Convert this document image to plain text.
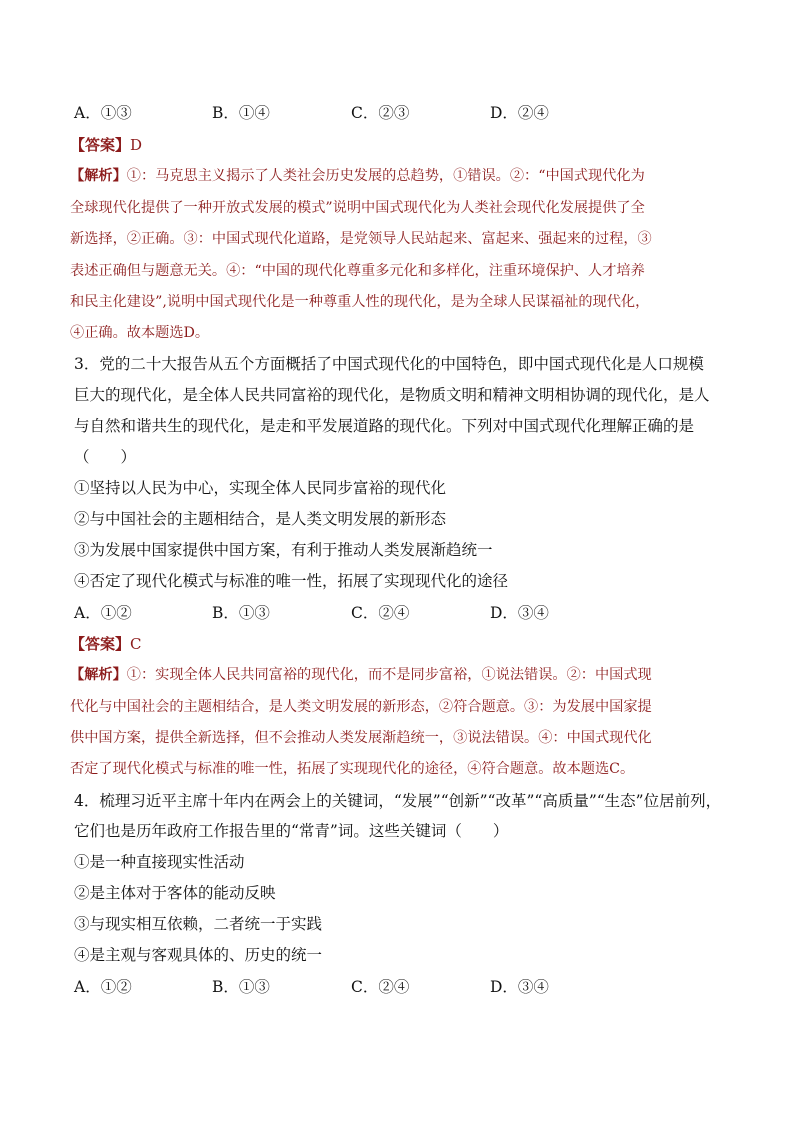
A．①③	B．①④	C．②③	D．②④
【答案】D
【解析】①：马克思主义揭示了人类社会历史发展的总趋势，①错误。②：“中国式现代化为
全球现代化提供了一种开放式发展的模式”说明中国式现代化为人类社会现代化发展提供了全
新选择，②正确。③：中国式现代化道路，是党领导人民站起来、富起来、强起来的过程，③
表述正确但与题意无关。④：“中国的现代化尊重多元化和多样化，注重环境保护、人才培养
和民主化建设”,说明中国式现代化是一种尊重人性的现代化，是为全球人民谋福祉的现代化，
④正确。故本题选D。
3．党的二十大报告从五个方面概括了中国式现代化的中国特色，即中国式现代化是人口规模
巨大的现代化，是全体人民共同富裕的现代化，是物质文明和精神文明相协调的现代化，是人
与自然和谐共生的现代化，是走和平发展道路的现代化。下列对中国式现代化理解正确的是
（　　）
①坚持以人民为中心，实现全体人民同步富裕的现代化
②与中国社会的主题相结合，是人类文明发展的新形态
③为发展中国家提供中国方案，有利于推动人类发展渐趋统一
④否定了现代化模式与标准的唯一性，拓展了实现现代化的途径
A．①②	B．①③	C．②④	D．③④
【答案】C
【解析】①：实现全体人民共同富裕的现代化，而不是同步富裕，①说法错误。②：中国式现
代化与中国社会的主题相结合，是人类文明发展的新形态，②符合题意。③：为发展中国家提
供中国方案，提供全新选择，但不会推动人类发展渐趋统一，③说法错误。④：中国式现代化
否定了现代化模式与标准的唯一性，拓展了实现现代化的途径，④符合题意。故本题选C。
4．梳理习近平主席十年内在两会上的关键词，“发展”“创新”“改革”“高质量”“生态”位居前列，
它们也是历年政府工作报告里的“常青”词。这些关键词（　　）
①是一种直接现实性活动
②是主体对于客体的能动反映
③与现实相互依赖，二者统一于实践
④是主观与客观具体的、历史的统一
A．①②	B．①③	C．②④	D．③④
